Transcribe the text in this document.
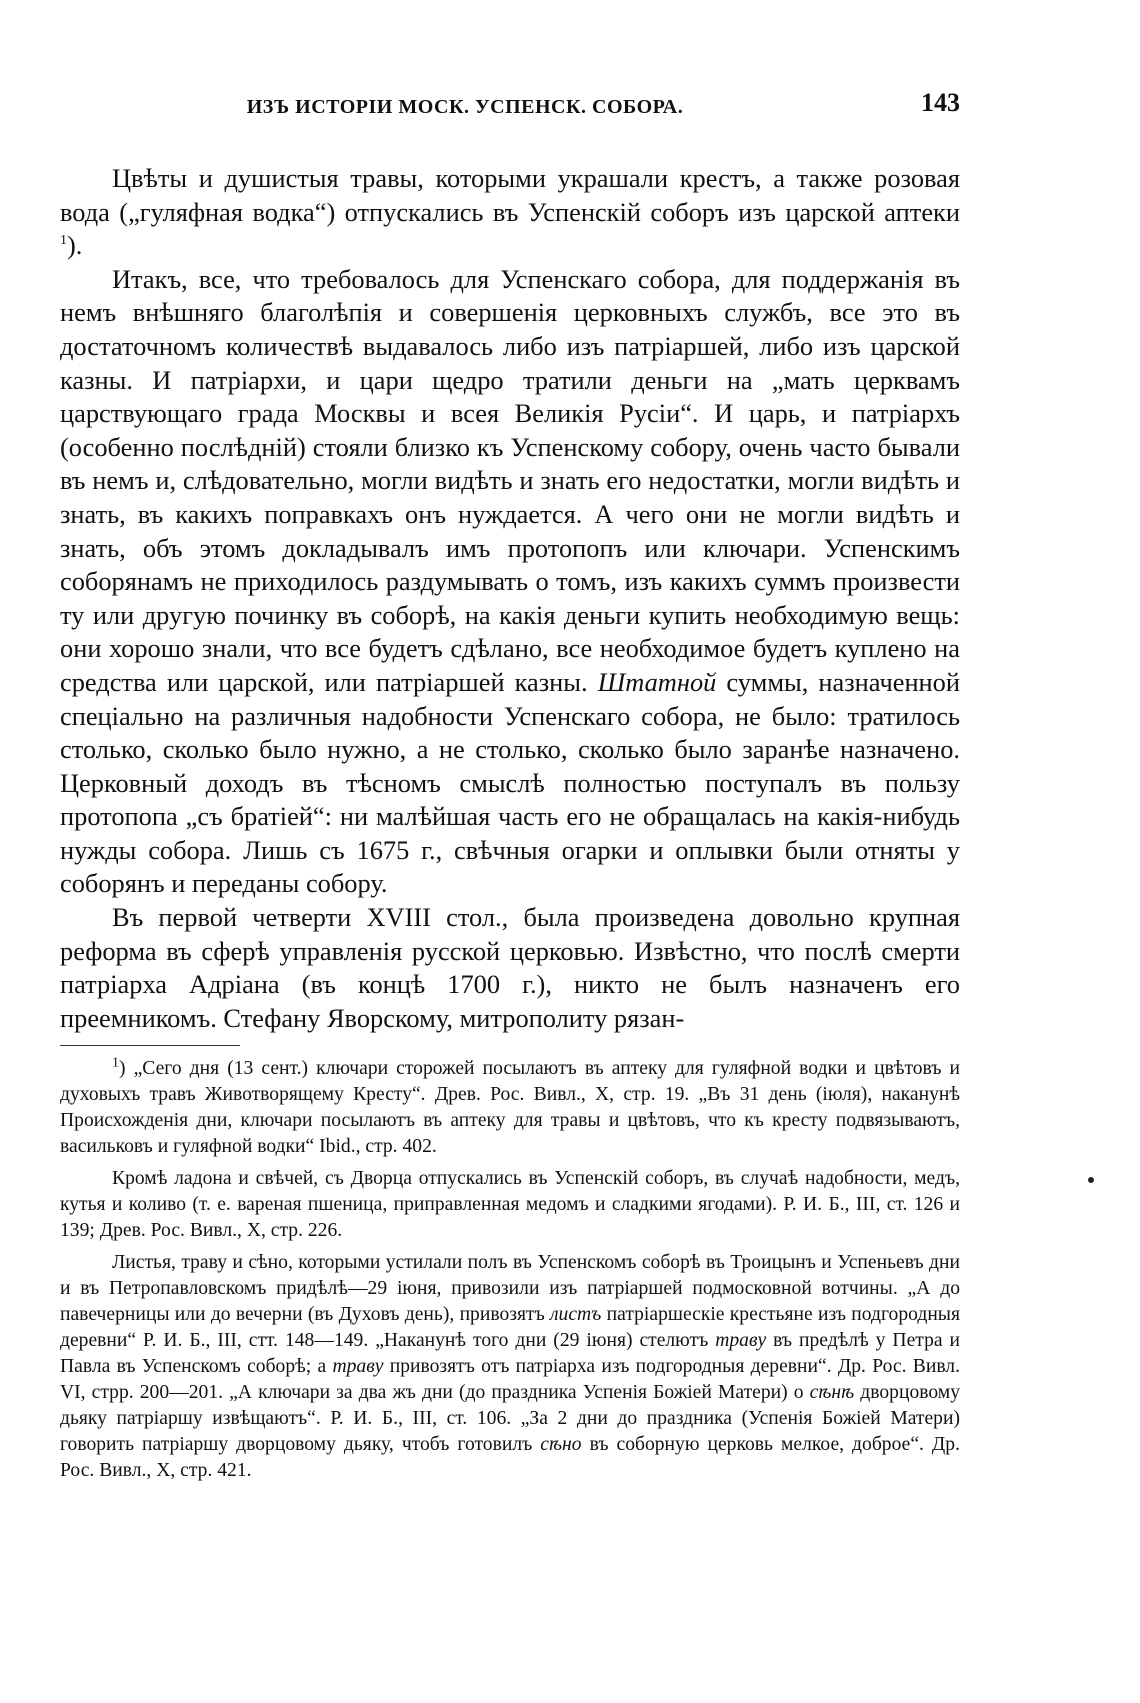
ИЗЪ ИСТОРІИ МОСК. УСПЕНСК. СОБОРА.	143

Цвѣты и душистыя травы, которыми украшали крестъ, а также розовая вода („гуляфная водка“) отпускались въ Успенскій соборъ изъ царской аптеки $^1$).

Итакъ, все, что требовалось для Успенскаго собора, для поддержанія въ немъ внѣшняго благолѣпія и совершенія церковныхъ службъ, все это въ достаточномъ количествѣ выдавалось либо изъ патріаршей, либо изъ царской казны. И патріархи, и цари щедро тратили деньги на „мать церквамъ царствующаго града Москвы и всея Великія Русіи“. И царь, и патріархъ (особенно послѣдній) стояли близко къ Успенскому собору, очень часто бывали въ немъ и, слѣдовательно, могли видѣть и знать его недостатки, могли видѣть и знать, въ какихъ поправкахъ онъ нуждается. А чего они не могли видѣть и знать, объ этомъ докладывалъ имъ протопопъ или ключари. Успенскимъ соборянамъ не приходилось раздумывать о томъ, изъ какихъ суммъ произвести ту или другую починку въ соборѣ, на какія деньги купить необходимую вещь: они хорошо знали, что все будетъ сдѣлано, все необходимое будетъ куплено на средства или царской, или патріаршей казны. Штатной суммы, назначенной спеціально на различныя надобности Успенскаго собора, не было: тратилось столько, сколько было нужно, а не столько, сколько было заранѣе назначено. Церковный доходъ въ тѣсномъ смыслѣ полностью поступалъ въ пользу протопопа „съ братіей“: ни малѣйшая часть его не обращалась на какія-нибудь нужды собора. Лишь съ 1675 г., свѣчныя огарки и оплывки были отняты у соборянъ и переданы собору.

Въ первой четверти XVIII стол., была произведена довольно крупная реформа въ сферѣ управленія русской церковью. Извѣстно, что послѣ смерти патріарха Адріана (въ концѣ 1700 г.), никто не былъ назначенъ его преемникомъ. Стефану Яворскому, митрополиту рязан-

$^1$) „Сего дня (13 сент.) ключари сторожей посылаютъ въ аптеку для гуляфной водки и цвѣтовъ и духовыхъ травъ Животворящему Кресту“. Древ. Рос. Вивл., X, стр. 19. „Въ 31 день (іюля), наканунѣ Происхожденія дни, ключари посылаютъ въ аптеку для травы и цвѣтовъ, что къ кресту подвязываютъ, васильковъ и гуляфной водки“ Ibid., стр. 402.

Кромѣ ладона и свѣчей, съ Дворца отпускались въ Успенскій соборъ, въ случаѣ надобности, медъ, кутья и коливо (т. е. вареная пшеница, приправленная медомъ и сладкими ягодами). Р. И. Б., III, ст. 126 и 139; Древ. Рос. Вивл., X, стр. 226.

Листья, траву и сѣно, которыми устилали полъ въ Успенскомъ соборѣ въ Троицынъ и Успеньевъ дни и въ Петропавловскомъ придѣлѣ—29 іюня, привозили изъ патріаршей подмосковной вотчины. „А до павечерницы или до вечерни (въ Духовъ день), привозятъ листъ патріаршескіе крестьяне изъ подгородныя деревни“ Р. И. Б., III, стт. 148—149. „Наканунѣ того дни (29 іюня) стелютъ траву въ предѣлѣ у Петра и Павла въ Успенскомъ соборѣ; а траву привозятъ отъ патріарха изъ подгородныя деревни“. Др. Рос. Вивл. VI, стрр. 200—201. „А ключари за два жъ дни (до праздника Успенія Божіей Матери) о сѣнѣ дворцовому дьяку патріаршу извѣщаютъ“. Р. И. Б., III, ст. 106. „За 2 дни до праздника (Успенія Божіей Матери) говорить патріаршу дворцовому дьяку, чтобъ готовилъ сѣно въ соборную церковь мелкое, доброе“. Др. Рос. Вивл., X, стр. 421.
